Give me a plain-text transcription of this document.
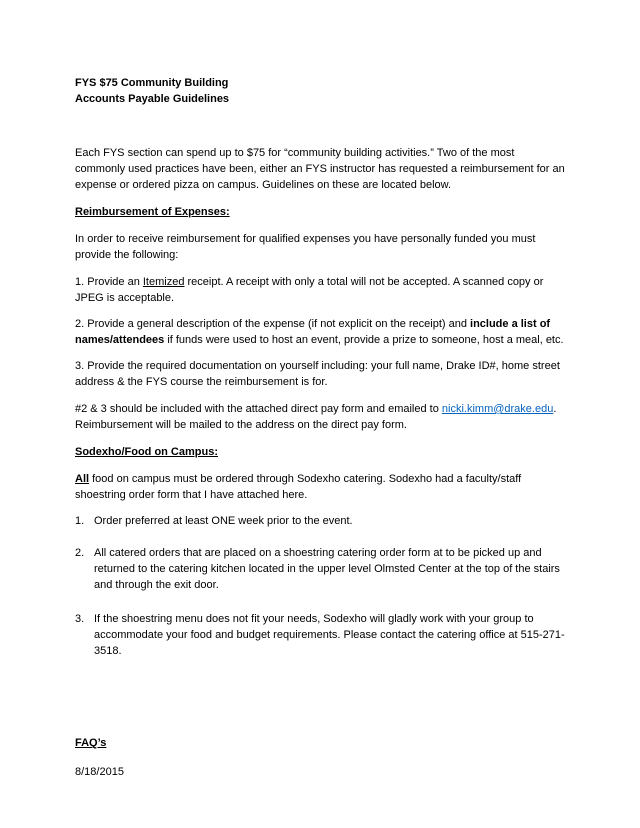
FYS $75 Community Building
Accounts Payable Guidelines

Each FYS section can spend up to $75 for “community building activities.” Two of the most commonly used practices have been, either an FYS instructor has requested a reimbursement for an expense or ordered pizza on campus. Guidelines on these are located below.

Reimbursement of Expenses:

In order to receive reimbursement for qualified expenses you have personally funded you must provide the following:

1. Provide an Itemized receipt. A receipt with only a total will not be accepted. A scanned copy or JPEG is acceptable.

2. Provide a general description of the expense (if not explicit on the receipt) and include a list of names/attendees if funds were used to host an event, provide a prize to someone, host a meal, etc.

3. Provide the required documentation on yourself including: your full name, Drake ID#, home street address & the FYS course the reimbursement is for.

#2 & 3 should be included with the attached direct pay form and emailed to nicki.kimm@drake.edu. Reimbursement will be mailed to the address on the direct pay form.

Sodexho/Food on Campus:

All food on campus must be ordered through Sodexho catering. Sodexho had a faculty/staff shoestring order form that I have attached here.

1. Order preferred at least ONE week prior to the event.
2. All catered orders that are placed on a shoestring catering order form at to be picked up and returned to the catering kitchen located in the upper level Olmsted Center at the top of the stairs and through the exit door.
3. If the shoestring menu does not fit your needs, Sodexho will gladly work with your group to accommodate your food and budget requirements. Please contact the catering office at 515-271-3518.
FAQ’s
8/18/2015
